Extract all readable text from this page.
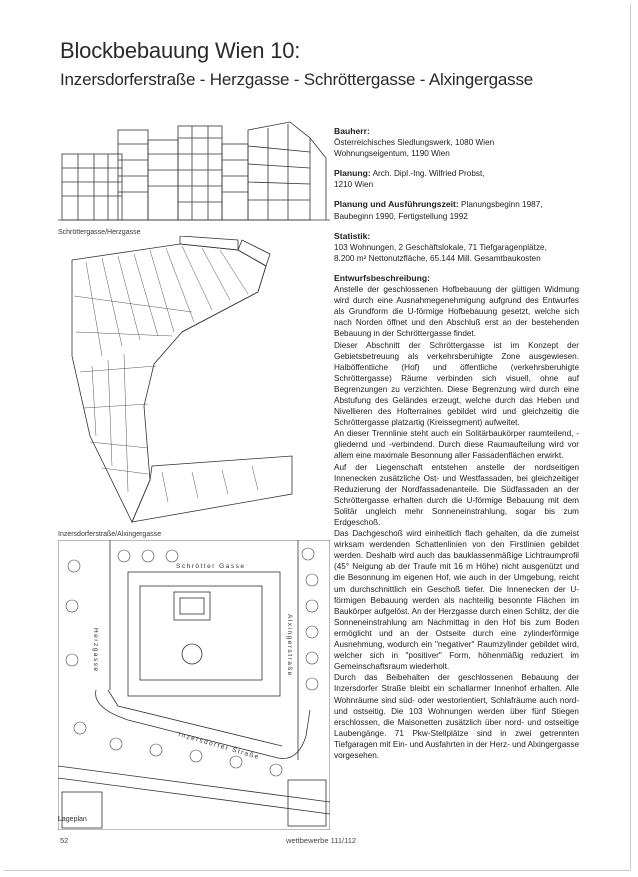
Blockbebauung Wien 10:
Inzersdorferstraße - Herzgasse - Schröttergasse - Alxingergasse
Schröttergasse/Herzgasse
Inzersdorferstraße/Alxingergasse
Schrötter Gasse
Herzgasse	Alxingerstraße
Inzersdorfer Straße
Lageplan

Bauherr:

Österreichisches Siedlungswerk, 1080 Wien

Wohnungseigentum, 1190 Wien

Planung: Arch. Dipl.-Ing. Wilfried Probst,

1210 Wien

Planung und Ausführungszeit: Planungsbeginn 1987,

Baubeginn 1990, Fertigstellung 1992

Statistik:

103 Wohnungen, 2 Geschäftslokale, 71 Tiefgaragenplätze,

8.200 m² Nettonutzfläche, 65.144 Mill. Gesamtbaukosten

Entwurfsbeschreibung:

Anstelle der geschlossenen Hofbebauung der gültigen Widmung wird durch eine Ausnahmegenehmigung aufgrund des Entwurfes als Grundform die U-förmige Hofbebauung gesetzt, welche sich nach Norden öffnet und den Abschluß erst an der bestehenden Bebauung in der Schröttergasse findet.

Dieser Abschnitt der Schröttergasse ist im Konzept der Gebietsbetreuung als verkehrsberuhigte Zone ausgewiesen. Halböffentliche (Hof) und öffentliche (verkehrsberuhigte Schröttergasse) Räume verbinden sich visuell, ohne auf Begrenzungen zu verzichten. Diese Begrenzung wird durch eine Abstufung des Geländes erzeugt, welche durch das Heben und Nivellieren des Hofterraines gebildet wird und gleichzeitig die Schröttergasse platzartig (Kreissegment) aufweitet.

An dieser Trennlinie steht auch ein Solitärbaukörper raumteilend, -gliedernd und -verbindend. Durch diese Raumaufteilung wird vor allem eine maximale Besonnung aller Fassadenflächen erwirkt.

Auf der Liegenschaft entstehen anstelle der nordseitigen Innenecken zusätzliche Ost- und Westfassaden, bei gleichzeitiger Reduzierung der Nordfassadenanteile. Die Südfassaden an der Schröttergasse erhalten durch die U-förmige Bebauung mit dem Solitär ungleich mehr Sonneneinstrahlung, sogar bis zum Erdgeschoß.

Das Dachgeschoß wird einheitlich flach gehalten, da die zumeist wirksam werdenden Schattenlinien von den Firstlinien gebildet werden. Deshalb wird auch das bauklassenmäßige Lichtraumprofil (45° Neigung ab der Traufe mit 16 m Höhe) nicht ausgenützt und die Besonnung im eigenen Hof, wie auch in der Umgebung, reicht um durchschnittlich ein Geschoß tiefer. Die Innenecken der U-förmigen Bebauung werden als nachteilig besonnte Flächen im Baukörper aufgelöst. An der Herzgasse durch einen Schlitz, der die Sonneneinstrahlung am Nachmittag in den Hof bis zum Boden ermöglicht und an der Ostseite durch eine zylinderförmige Ausnehmung, wodurch ein "negativer" Raumzylinder gebildet wird, welcher sich in "positiver" Form, höhenmäßig reduziert im Gemeinschaftsraum wiederholt.

Durch das Beibehalten der geschlossenen Bebauung der Inzersdorfer Straße bleibt ein schallarmer Innenhof erhalten. Alle Wohnräume sind süd- oder westorientiert, Schlafräume auch nord- und ostseitig. Die 103 Wohnungen werden über fünf Stiegen erschlossen, die Maisonetten zusätzlich über nord- und ostseitige Laubengänge. 71 Pkw-Stellplätze sind in zwei getrennten Tiefgaragen mit Ein- und Ausfahrten in der Herz- und Alxingergasse vorgesehen.

52	wettbewerbe 111/112
